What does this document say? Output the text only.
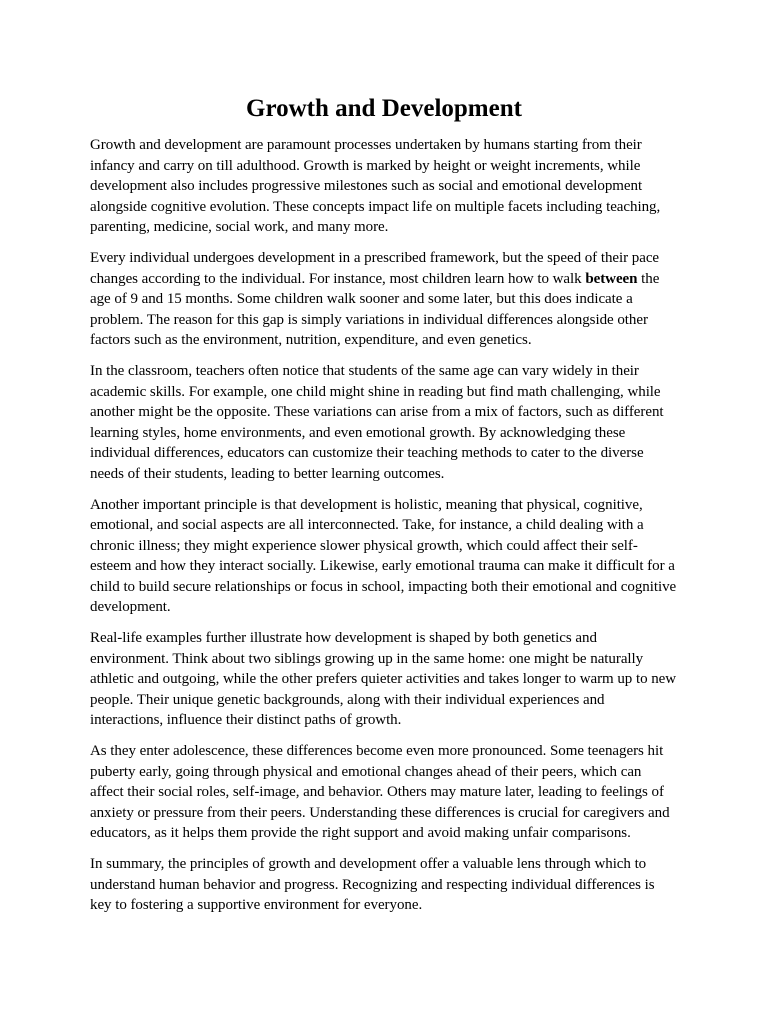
Growth and Development

Growth and development are paramount processes undertaken by humans starting from their infancy and carry on till adulthood. Growth is marked by height or weight increments, while development also includes progressive milestones such as social and emotional development alongside cognitive evolution. These concepts impact life on multiple facets including teaching, parenting, medicine, social work, and many more.

Every individual undergoes development in a prescribed framework, but the speed of their pace changes according to the individual. For instance, most children learn how to walk between the age of 9 and 15 months. Some children walk sooner and some later, but this does indicate a problem. The reason for this gap is simply variations in individual differences alongside other factors such as the environment, nutrition, expenditure, and even genetics.

In the classroom, teachers often notice that students of the same age can vary widely in their academic skills. For example, one child might shine in reading but find math challenging, while another might be the opposite. These variations can arise from a mix of factors, such as different learning styles, home environments, and even emotional growth. By acknowledging these individual differences, educators can customize their teaching methods to cater to the diverse needs of their students, leading to better learning outcomes.

Another important principle is that development is holistic, meaning that physical, cognitive, emotional, and social aspects are all interconnected. Take, for instance, a child dealing with a chronic illness; they might experience slower physical growth, which could affect their self-esteem and how they interact socially. Likewise, early emotional trauma can make it difficult for a child to build secure relationships or focus in school, impacting both their emotional and cognitive development.

Real-life examples further illustrate how development is shaped by both genetics and environment. Think about two siblings growing up in the same home: one might be naturally athletic and outgoing, while the other prefers quieter activities and takes longer to warm up to new people. Their unique genetic backgrounds, along with their individual experiences and interactions, influence their distinct paths of growth.

As they enter adolescence, these differences become even more pronounced. Some teenagers hit puberty early, going through physical and emotional changes ahead of their peers, which can affect their social roles, self-image, and behavior. Others may mature later, leading to feelings of anxiety or pressure from their peers. Understanding these differences is crucial for caregivers and educators, as it helps them provide the right support and avoid making unfair comparisons.

In summary, the principles of growth and development offer a valuable lens through which to understand human behavior and progress. Recognizing and respecting individual differences is key to fostering a supportive environment for everyone.
